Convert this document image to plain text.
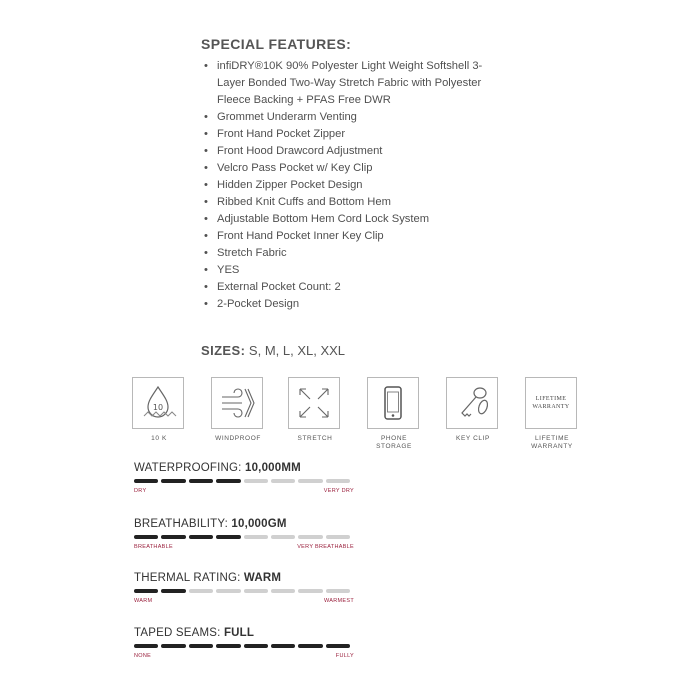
SPECIAL FEATURES:
• infiDRY®10K 90% Polyester Light Weight Softshell 3-Layer Bonded Two-Way Stretch Fabric with Polyester Fleece Backing + PFAS Free DWR
• Grommet Underarm Venting
• Front Hand Pocket Zipper
• Front Hood Drawcord Adjustment
• Velcro Pass Pocket w/ Key Clip
• Hidden Zipper Pocket Design
• Ribbed Knit Cuffs and Bottom Hem
• Adjustable Bottom Hem Cord Lock System
• Front Hand Pocket Inner Key Clip
• Stretch Fabric
• YES
• External Pocket Count: 2
• 2-Pocket Design
SIZES: S, M, L, XL, XXL
10
10 K	WINDPROOF	STRETCH	PHONE STORAGE
KEY CLIP
LIFETIME WARRANTY
LIFETIME WARRANTY
WATERPROOFING: 10,000MM
DRY	VERY DRY
BREATHABILITY: 10,000GM
BREATHABLE	VERY BREATHABLE
THERMAL RATING: WARM
WARM	WARMEST
TAPED SEAMS: FULL
NONE	FULLY
